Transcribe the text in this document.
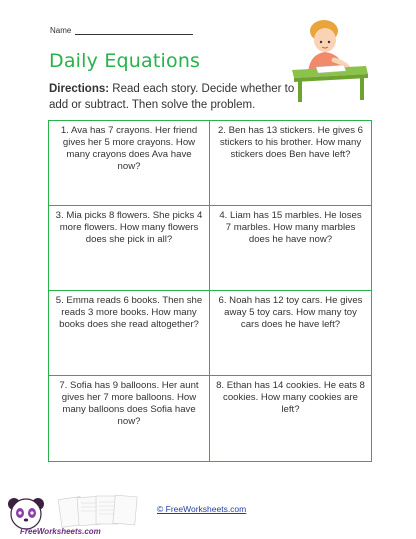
Name
Daily Equations
Directions: Read each story. Decide whether to add or subtract. Then solve the problem.
1. Ava has 7 crayons. Her friend gives her 5 more crayons. How many crayons does Ava have now?
2. Ben has 13 stickers. He gives 6 stickers to his brother. How many stickers does Ben have left?
3. Mia picks 8 flowers. She picks 4 more flowers. How many flowers does she pick in all?
4. Liam has 15 marbles. He loses 7 marbles. How many marbles does he have now?
5. Emma reads 6 books. Then she reads 3 more books. How many books does she read altogether?
6. Noah has 12 toy cars. He gives away 5 toy cars. How many toy cars does he have left?
7. Sofia has 9 balloons. Her aunt gives her 7 more balloons. How many balloons does Sofia have now?
8. Ethan has 14 cookies. He eats 8 cookies. How many cookies are left?
FreeWorksheets.com
© FreeWorksheets.com
